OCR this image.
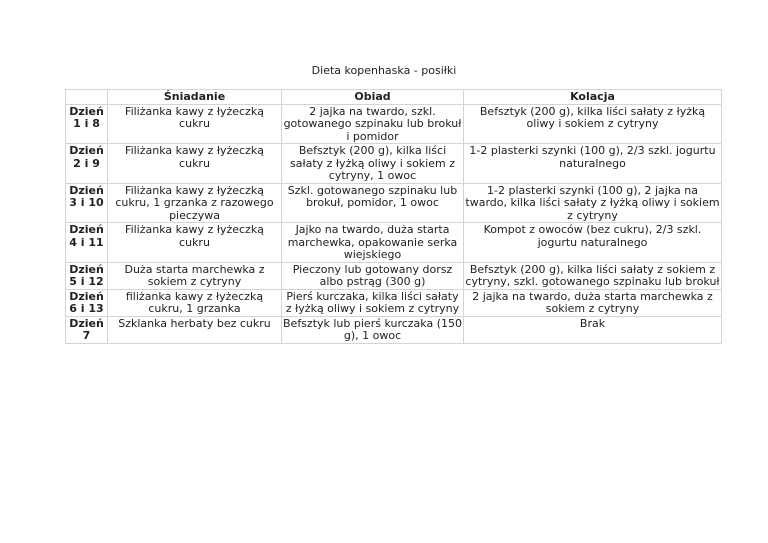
Dieta kopenhaska - posiłki
	Śniadanie	Obiad	Kolacja
Dzień 1 i 8	Filiżanka kawy z łyżeczką cukru	2 jajka na twardo, szkl. gotowanego szpinaku lub brokuł i pomidor	Befsztyk (200 g), kilka liści sałaty z łyżką oliwy i sokiem z cytryny
Dzień 2 i 9	Filiżanka kawy z łyżeczką cukru	Befsztyk (200 g), kilka liści sałaty z łyżką oliwy i sokiem z cytryny, 1 owoc	1-2 plasterki szynki (100 g), 2/3 szkl. jogurtu naturalnego
Dzień 3 i 10	Filiżanka kawy z łyżeczką cukru, 1 grzanka z razowego pieczywa	Szkl. gotowanego szpinaku lub brokuł, pomidor, 1 owoc	1-2 plasterki szynki (100 g), 2 jajka na twardo, kilka liści sałaty z łyżką oliwy i sokiem z cytryny
Dzień 4 i 11	Filiżanka kawy z łyżeczką cukru	Jajko na twardo, duża starta marchewka, opakowanie serka wiejskiego	Kompot z owoców (bez cukru), 2/3 szkl. jogurtu naturalnego
Dzień 5 i 12	Duża starta marchewka z sokiem z cytryny	Pieczony lub gotowany dorsz albo pstrąg (300 g)	Befsztyk (200 g), kilka liści sałaty z sokiem z cytryny, szkl. gotowanego szpinaku lub brokuł
Dzień 6 i 13	filiżanka kawy z łyżeczką cukru, 1 grzanka	Pierś kurczaka, kilka liści sałaty z łyżką oliwy i sokiem z cytryny	2 jajka na twardo, duża starta marchewka z sokiem z cytryny
Dzień 7	Szklanka herbaty bez cukru	Befsztyk lub pierś kurczaka (150 g), 1 owoc	Brak
